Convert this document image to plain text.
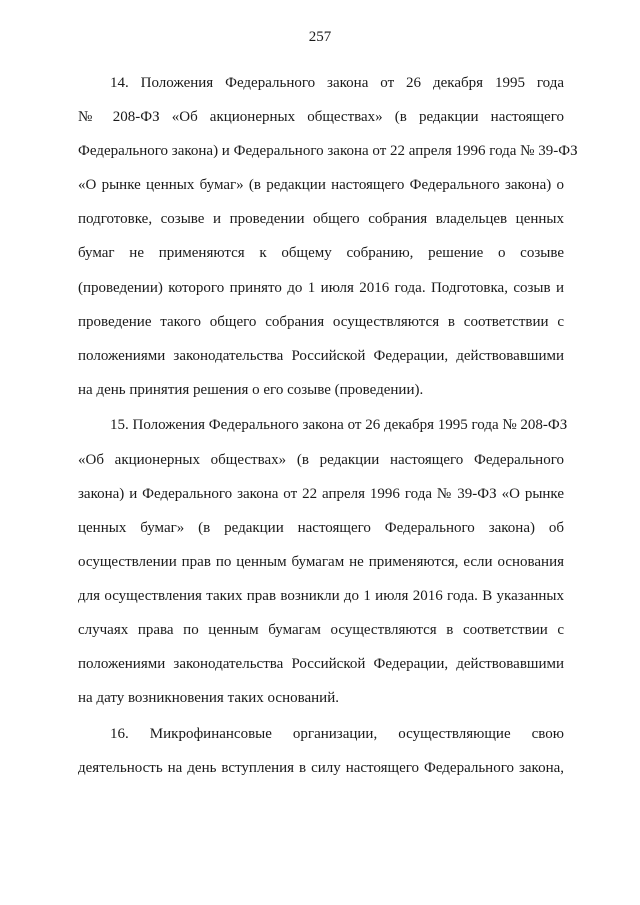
257
14. Положения Федерального закона от 26 декабря 1995 года
№ 208-ФЗ «Об акционерных обществах» (в редакции настоящего
Федерального закона) и Федерального закона от 22 апреля 1996 года № 39-ФЗ
«О рынке ценных бумаг» (в редакции настоящего Федерального закона) о
подготовке, созыве и проведении общего собрания владельцев ценных
бумаг не применяются к общему собранию, решение о созыве
(проведении) которого принято до 1 июля 2016 года. Подготовка, созыв и
проведение такого общего собрания осуществляются в соответствии с
положениями законодательства Российской Федерации, действовавшими
на день принятия решения о его созыве (проведении).
15. Положения Федерального закона от 26 декабря 1995 года № 208-ФЗ
«Об акционерных обществах» (в редакции настоящего Федерального
закона) и Федерального закона от 22 апреля 1996 года № 39-ФЗ «О рынке
ценных бумаг» (в редакции настоящего Федерального закона) об
осуществлении прав по ценным бумагам не применяются, если основания
для осуществления таких прав возникли до 1 июля 2016 года. В указанных
случаях права по ценным бумагам осуществляются в соответствии с
положениями законодательства Российской Федерации, действовавшими
на дату возникновения таких оснований.
16. Микрофинансовые организации, осуществляющие свою
деятельность на день вступления в силу настоящего Федерального закона,
